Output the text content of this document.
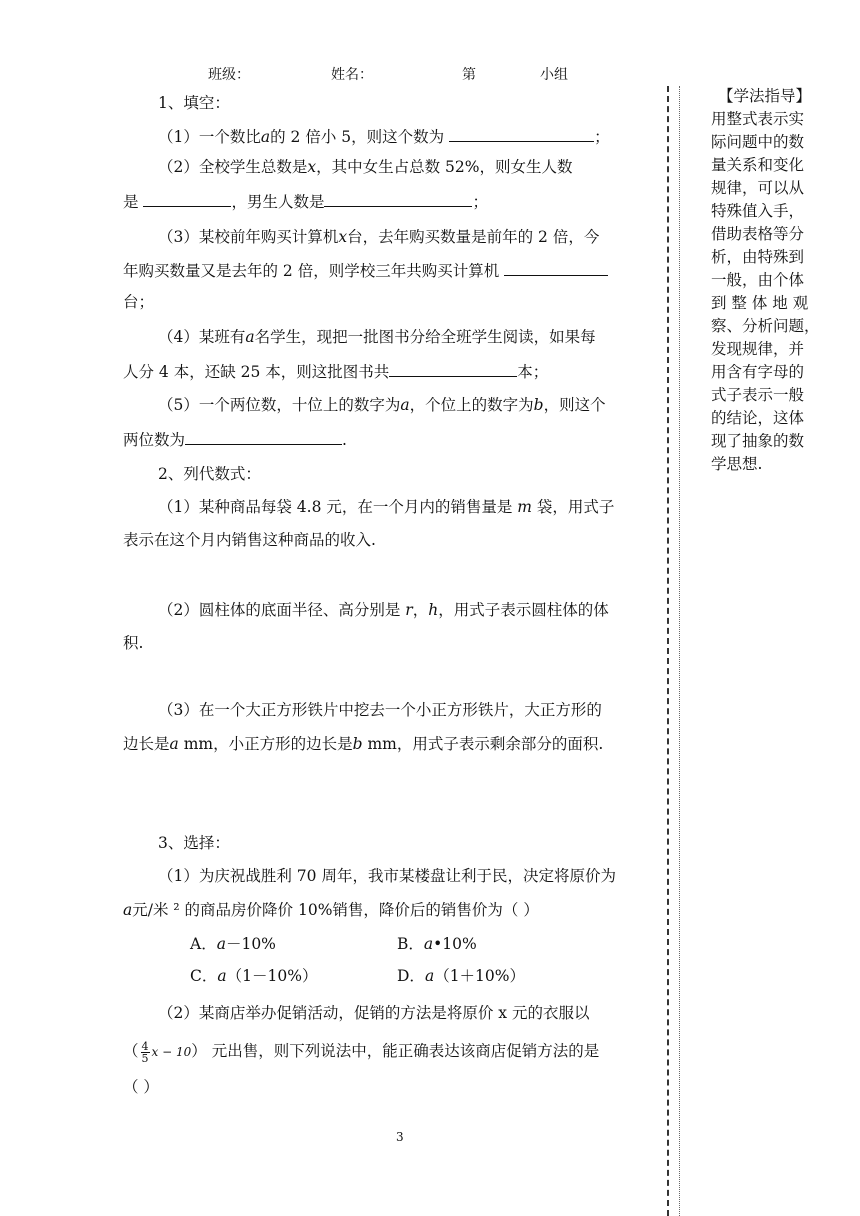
班级：	姓名：	第	小组
【学法指导】
用整式表示实
际问题中的数
量关系和变化
规律，可以从
特殊值入手，
借助表格等分
析，由特殊到
一般，由个体
到 整 体 地 观
察、分析问题，
发现规律，并
用含有字母的
式子表示一般
的结论，这体
现了抽象的数
学思想.
1、填空：
（1）一个数比a的 2 倍小 5，则这个数为	；
（2）全校学生总数是x，其中女生占总数 52%，则女生人数
是	，男生人数是	；
（3）某校前年购买计算机x台，去年购买数量是前年的 2 倍，今
年购买数量又是去年的 2 倍，则学校三年共购买计算机
台；
（4）某班有a名学生，现把一批图书分给全班学生阅读，如果每
人分 4 本，还缺 25 本，则这批图书共	本；
（5）一个两位数，十位上的数字为a，个位上的数字为b，则这个
两位数为	.
2、列代数式：
（1）某种商品每袋 4.8 元，在一个月内的销售量是 m 袋，用式子
表示在这个月内销售这种商品的收入.
（2）圆柱体的底面半径、高分别是 r，h，用式子表示圆柱体的体
积.
（3）在一个大正方形铁片中挖去一个小正方形铁片，大正方形的
边长是a mm，小正方形的边长是b mm，用式子表示剩余部分的面积.
3、选择：
（1）为庆祝战胜利 70 周年，我市某楼盘让利于民，决定将原价为
a元/米 ² 的商品房价降价 10%销售，降价后的销售价为（ ）
A．a－10%	B．a•10%
C．a（1－10%）	D．a（1＋10%）
（2）某商店举办促销活动，促销的方法是将原价 x 元的衣服以
（ $\frac{4}{5}$ x − 10） 元出售，则下列说法中，能正确表达该商店促销方法的是
（ ）
3
